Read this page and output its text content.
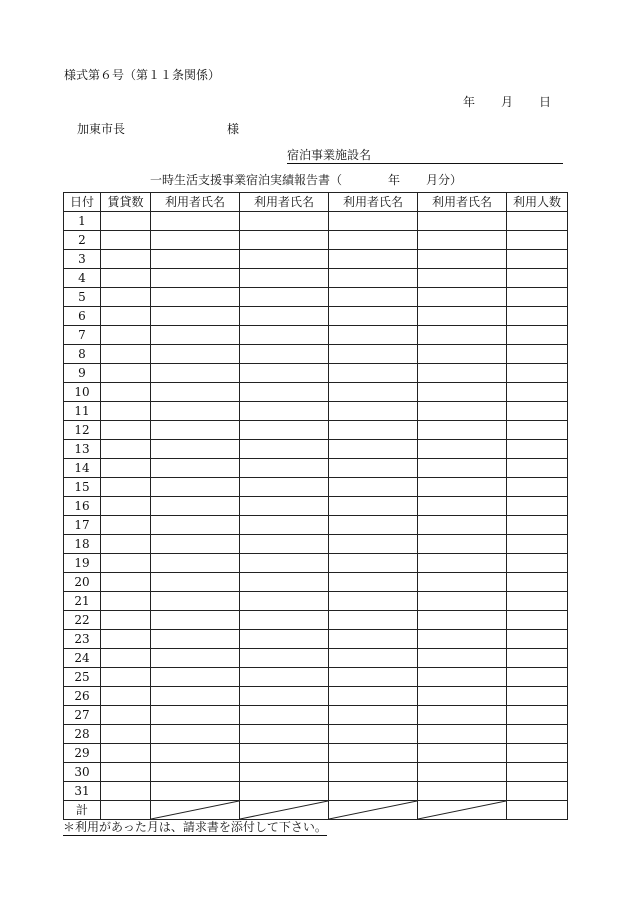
様式第６号（第１１条関係）
年 月 日
加東市長	様
宿泊事業施設名
一時生活支援事業宿泊実績報告書（	年 月分）
日付	賃貸数	利用者氏名	利用者氏名	利用者氏名	利用者氏名	利用人数
1						
2						
3						
4						
5						
6						
7						
8						
9						
10						
11						
12						
13						
14						
15						
16						
17						
18						
19						
20						
21						
22						
23						
24						
25						
26						
27						
28						
29						
30						
31						
計		

＊利用があった月は、請求書を添付して下さい。
